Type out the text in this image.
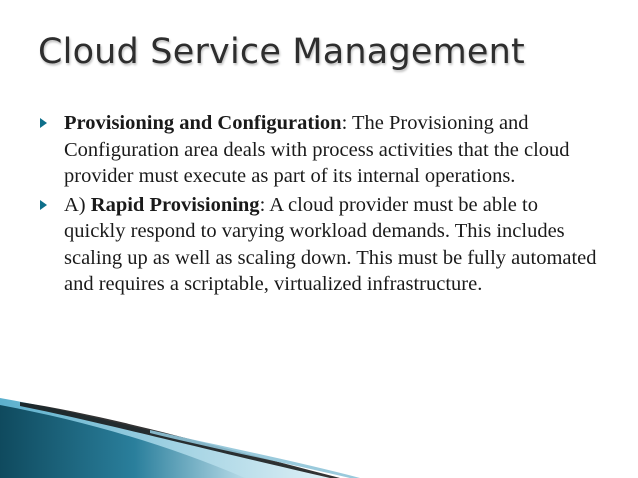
Cloud Service Management
Provisioning and Configuration: The Provisioning and Configuration area deals with process activities that the cloud provider must execute as part of its internal operations.
A) Rapid Provisioning: A cloud provider must be able to quickly respond to varying workload demands. This includes scaling up as well as scaling down. This must be fully automated and requires a scriptable, virtualized infrastructure.
